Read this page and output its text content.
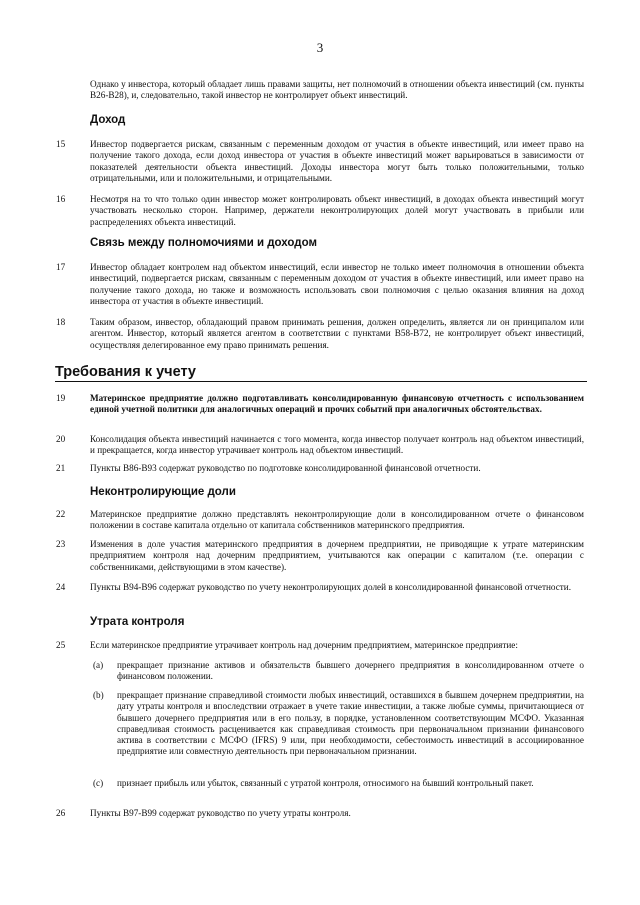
3
Однако у инвестора, который обладает лишь правами защиты, нет полномочий в отношении объекта инвестиций (см. пункты В26-В28), и, следовательно, такой инвестор не контролирует объект инвестиций.
Доход
15	Инвестор подвергается рискам, связанным с переменным доходом от участия в объекте инвестиций, или имеет право на получение такого дохода, если доход инвестора от участия в объекте инвестиций может варьироваться в зависимости от показателей деятельности объекта инвестиций. Доходы инвестора могут быть только положительными, только отрицательными, или и положительными, и отрицательными.
16	Несмотря на то что только один инвестор может контролировать объект инвестиций, в доходах объекта инвестиций могут участвовать несколько сторон. Например, держатели неконтролирующих долей могут участвовать в прибыли или распределениях объекта инвестиций.
Связь между полномочиями и доходом
17	Инвестор обладает контролем над объектом инвестиций, если инвестор не только имеет полномочия в отношении объекта инвестиций, подвергается рискам, связанным с переменным доходом от участия в объекте инвестиций, или имеет право на получение такого дохода, но также и возможность использовать свои полномочия с целью оказания влияния на доход инвестора от участия в объекте инвестиций.
18	Таким образом, инвестор, обладающий правом принимать решения, должен определить, является ли он принципалом или агентом. Инвестор, который является агентом в соответствии с пунктами В58-В72, не контролирует объект инвестиций, осуществляя делегированное ему право принимать решения.
Требования к учету
19	Материнское предприятие должно подготавливать консолидированную финансовую отчетность с использованием единой учетной политики для аналогичных операций и прочих событий при аналогичных обстоятельствах.
20	Консолидация объекта инвестиций начинается с того момента, когда инвестор получает контроль над объектом инвестиций, и прекращается, когда инвестор утрачивает контроль над объектом инвестиций.
21	Пункты В86-В93 содержат руководство по подготовке консолидированной финансовой отчетности.
Неконтролирующие доли
22	Материнское предприятие должно представлять неконтролирующие доли в консолидированном отчете о финансовом положении в составе капитала отдельно от капитала собственников материнского предприятия.
23	Изменения в доле участия материнского предприятия в дочернем предприятии, не приводящие к утрате материнским предприятием контроля над дочерним предприятием, учитываются как операции с капиталом (т.е. операции с собственниками, действующими в этом качестве).
24	Пункты В94-В96 содержат руководство по учету неконтролирующих долей в консолидированной финансовой отчетности.
Утрата контроля
25	Если материнское предприятие утрачивает контроль над дочерним предприятием, материнское предприятие:
(a) прекращает признание активов и обязательств бывшего дочернего предприятия в консолидированном отчете о финансовом положении.
(b) прекращает признание справедливой стоимости любых инвестиций, оставшихся в бывшем дочернем предприятии, на дату утраты контроля и впоследствии отражает в учете такие инвестиции, а также любые суммы, причитающиеся от бывшего дочернего предприятия или в его пользу, в порядке, установленном соответствующим МСФО. Указанная справедливая стоимость расценивается как справедливая стоимость при первоначальном признании финансового актива в соответствии с МСФО (IFRS) 9 или, при необходимости, себестоимость инвестиций в ассоциированное предприятие или совместную деятельность при первоначальном признании.
(c) признает прибыль или убыток, связанный с утратой контроля, относимого на бывший контрольный пакет.
26	Пункты В97-В99 содержат руководство по учету утраты контроля.
